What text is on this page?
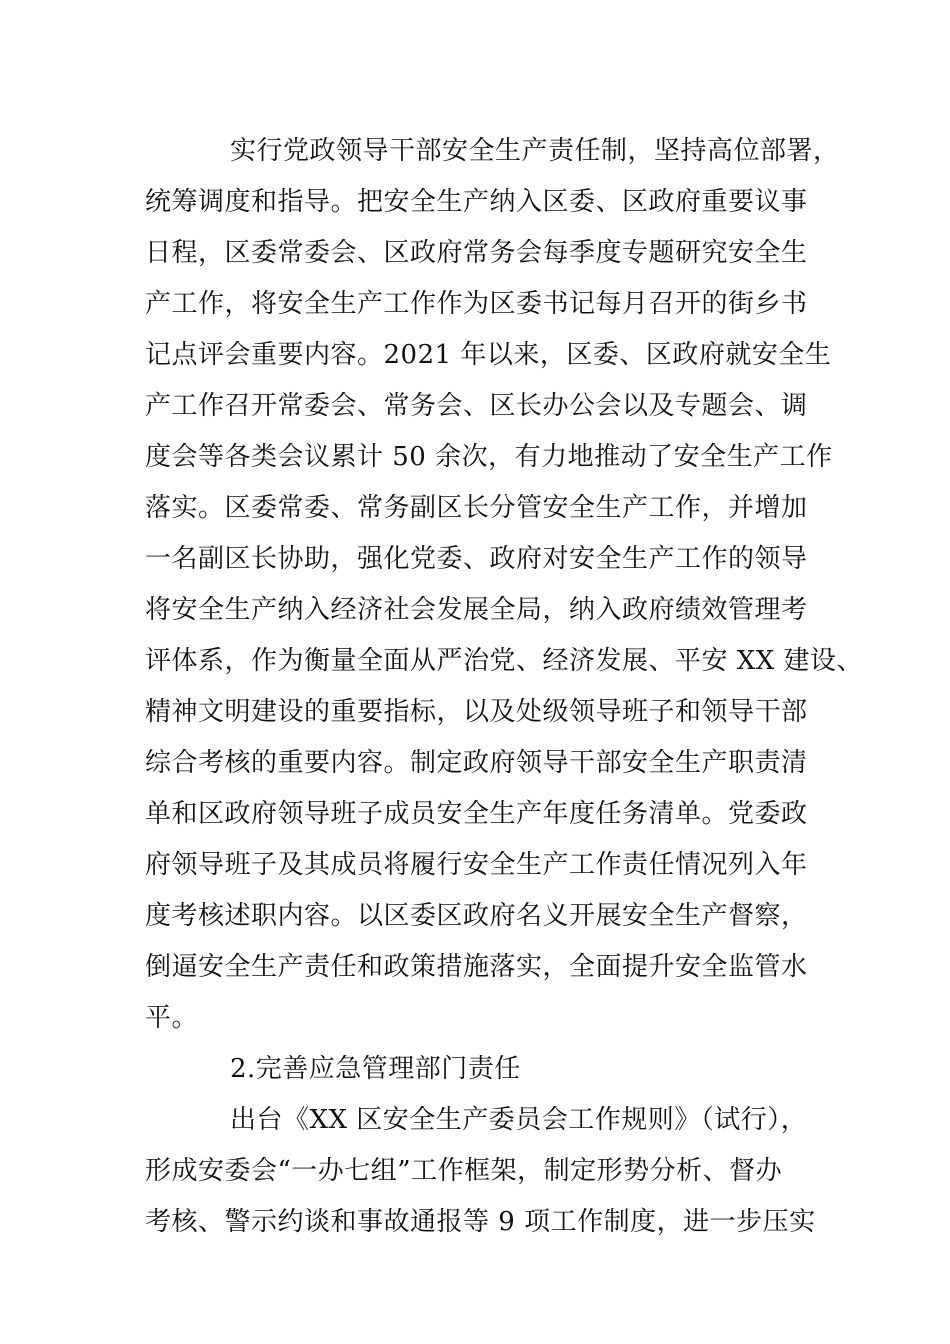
实行党政领导干部安全生产责任制，坚持高位部署，
统筹调度和指导。把安全生产纳入区委、区政府重要议事
日程，区委常委会、区政府常务会每季度专题研究安全生
产工作，将安全生产工作作为区委书记每月召开的街乡书
记点评会重要内容。2021 年以来，区委、区政府就安全生
产工作召开常委会、常务会、区长办公会以及专题会、调
度会等各类会议累计 50 余次，有力地推动了安全生产工作
落实。区委常委、常务副区长分管安全生产工作，并增加
一名副区长协助，强化党委、政府对安全生产工作的领导
将安全生产纳入经济社会发展全局，纳入政府绩效管理考
评体系，作为衡量全面从严治党、经济发展、平安 XX 建设、
精神文明建设的重要指标，以及处级领导班子和领导干部
综合考核的重要内容。制定政府领导干部安全生产职责清
单和区政府领导班子成员安全生产年度任务清单。党委政
府领导班子及其成员将履行安全生产工作责任情况列入年
度考核述职内容。以区委区政府名义开展安全生产督察，
倒逼安全生产责任和政策措施落实，全面提升安全监管水
平。
2.完善应急管理部门责任
出台《XX 区安全生产委员会工作规则》（试行），
形成安委会“一办七组”工作框架，制定形势分析、督办
考核、警示约谈和事故通报等 9 项工作制度，进一步压实
